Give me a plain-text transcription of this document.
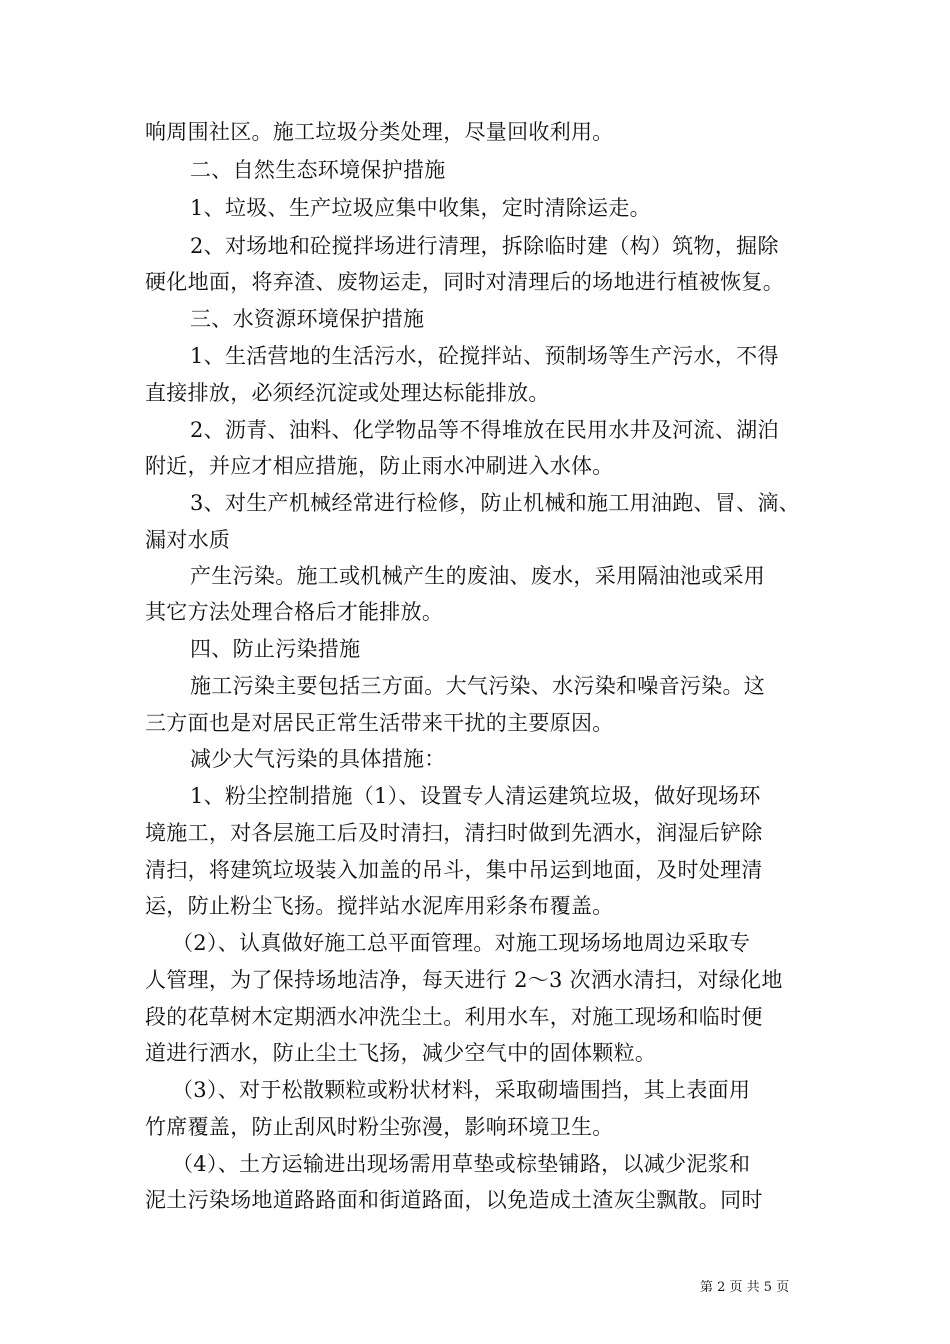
响周围社区。施工垃圾分类处理，尽量回收利用。
二、自然生态环境保护措施
1、垃圾、生产垃圾应集中收集，定时清除运走。
2、对场地和砼搅拌场进行清理，拆除临时建（构）筑物，掘除
硬化地面，将弃渣、废物运走，同时对清理后的场地进行植被恢复。
三、水资源环境保护措施
1、生活营地的生活污水，砼搅拌站、预制场等生产污水，不得
直接排放，必须经沉淀或处理达标能排放。
2、沥青、油料、化学物品等不得堆放在民用水井及河流、湖泊
附近，并应才相应措施，防止雨水冲刷进入水体。
3、对生产机械经常进行检修，防止机械和施工用油跑、冒、滴、
漏对水质
产生污染。施工或机械产生的废油、废水，采用隔油池或采用
其它方法处理合格后才能排放。
四、防止污染措施
施工污染主要包括三方面。大气污染、水污染和噪音污染。这
三方面也是对居民正常生活带来干扰的主要原因。
减少大气污染的具体措施：
1、粉尘控制措施（1）、设置专人清运建筑垃圾，做好现场环
境施工，对各层施工后及时清扫，清扫时做到先洒水，润湿后铲除
清扫，将建筑垃圾装入加盖的吊斗，集中吊运到地面，及时处理清
运，防止粉尘飞扬。搅拌站水泥库用彩条布覆盖。
（2）、认真做好施工总平面管理。对施工现场场地周边采取专
人管理，为了保持场地洁净，每天进行 2～3 次洒水清扫，对绿化地
段的花草树木定期洒水冲洗尘土。利用水车，对施工现场和临时便
道进行洒水，防止尘土飞扬，减少空气中的固体颗粒。
（3）、对于松散颗粒或粉状材料，采取砌墙围挡，其上表面用
竹席覆盖，防止刮风时粉尘弥漫，影响环境卫生。
（4）、土方运输进出现场需用草垫或棕垫铺路，以减少泥浆和
泥土污染场地道路路面和街道路面，以免造成土渣灰尘飘散。同时
第 2 页 共 5 页
